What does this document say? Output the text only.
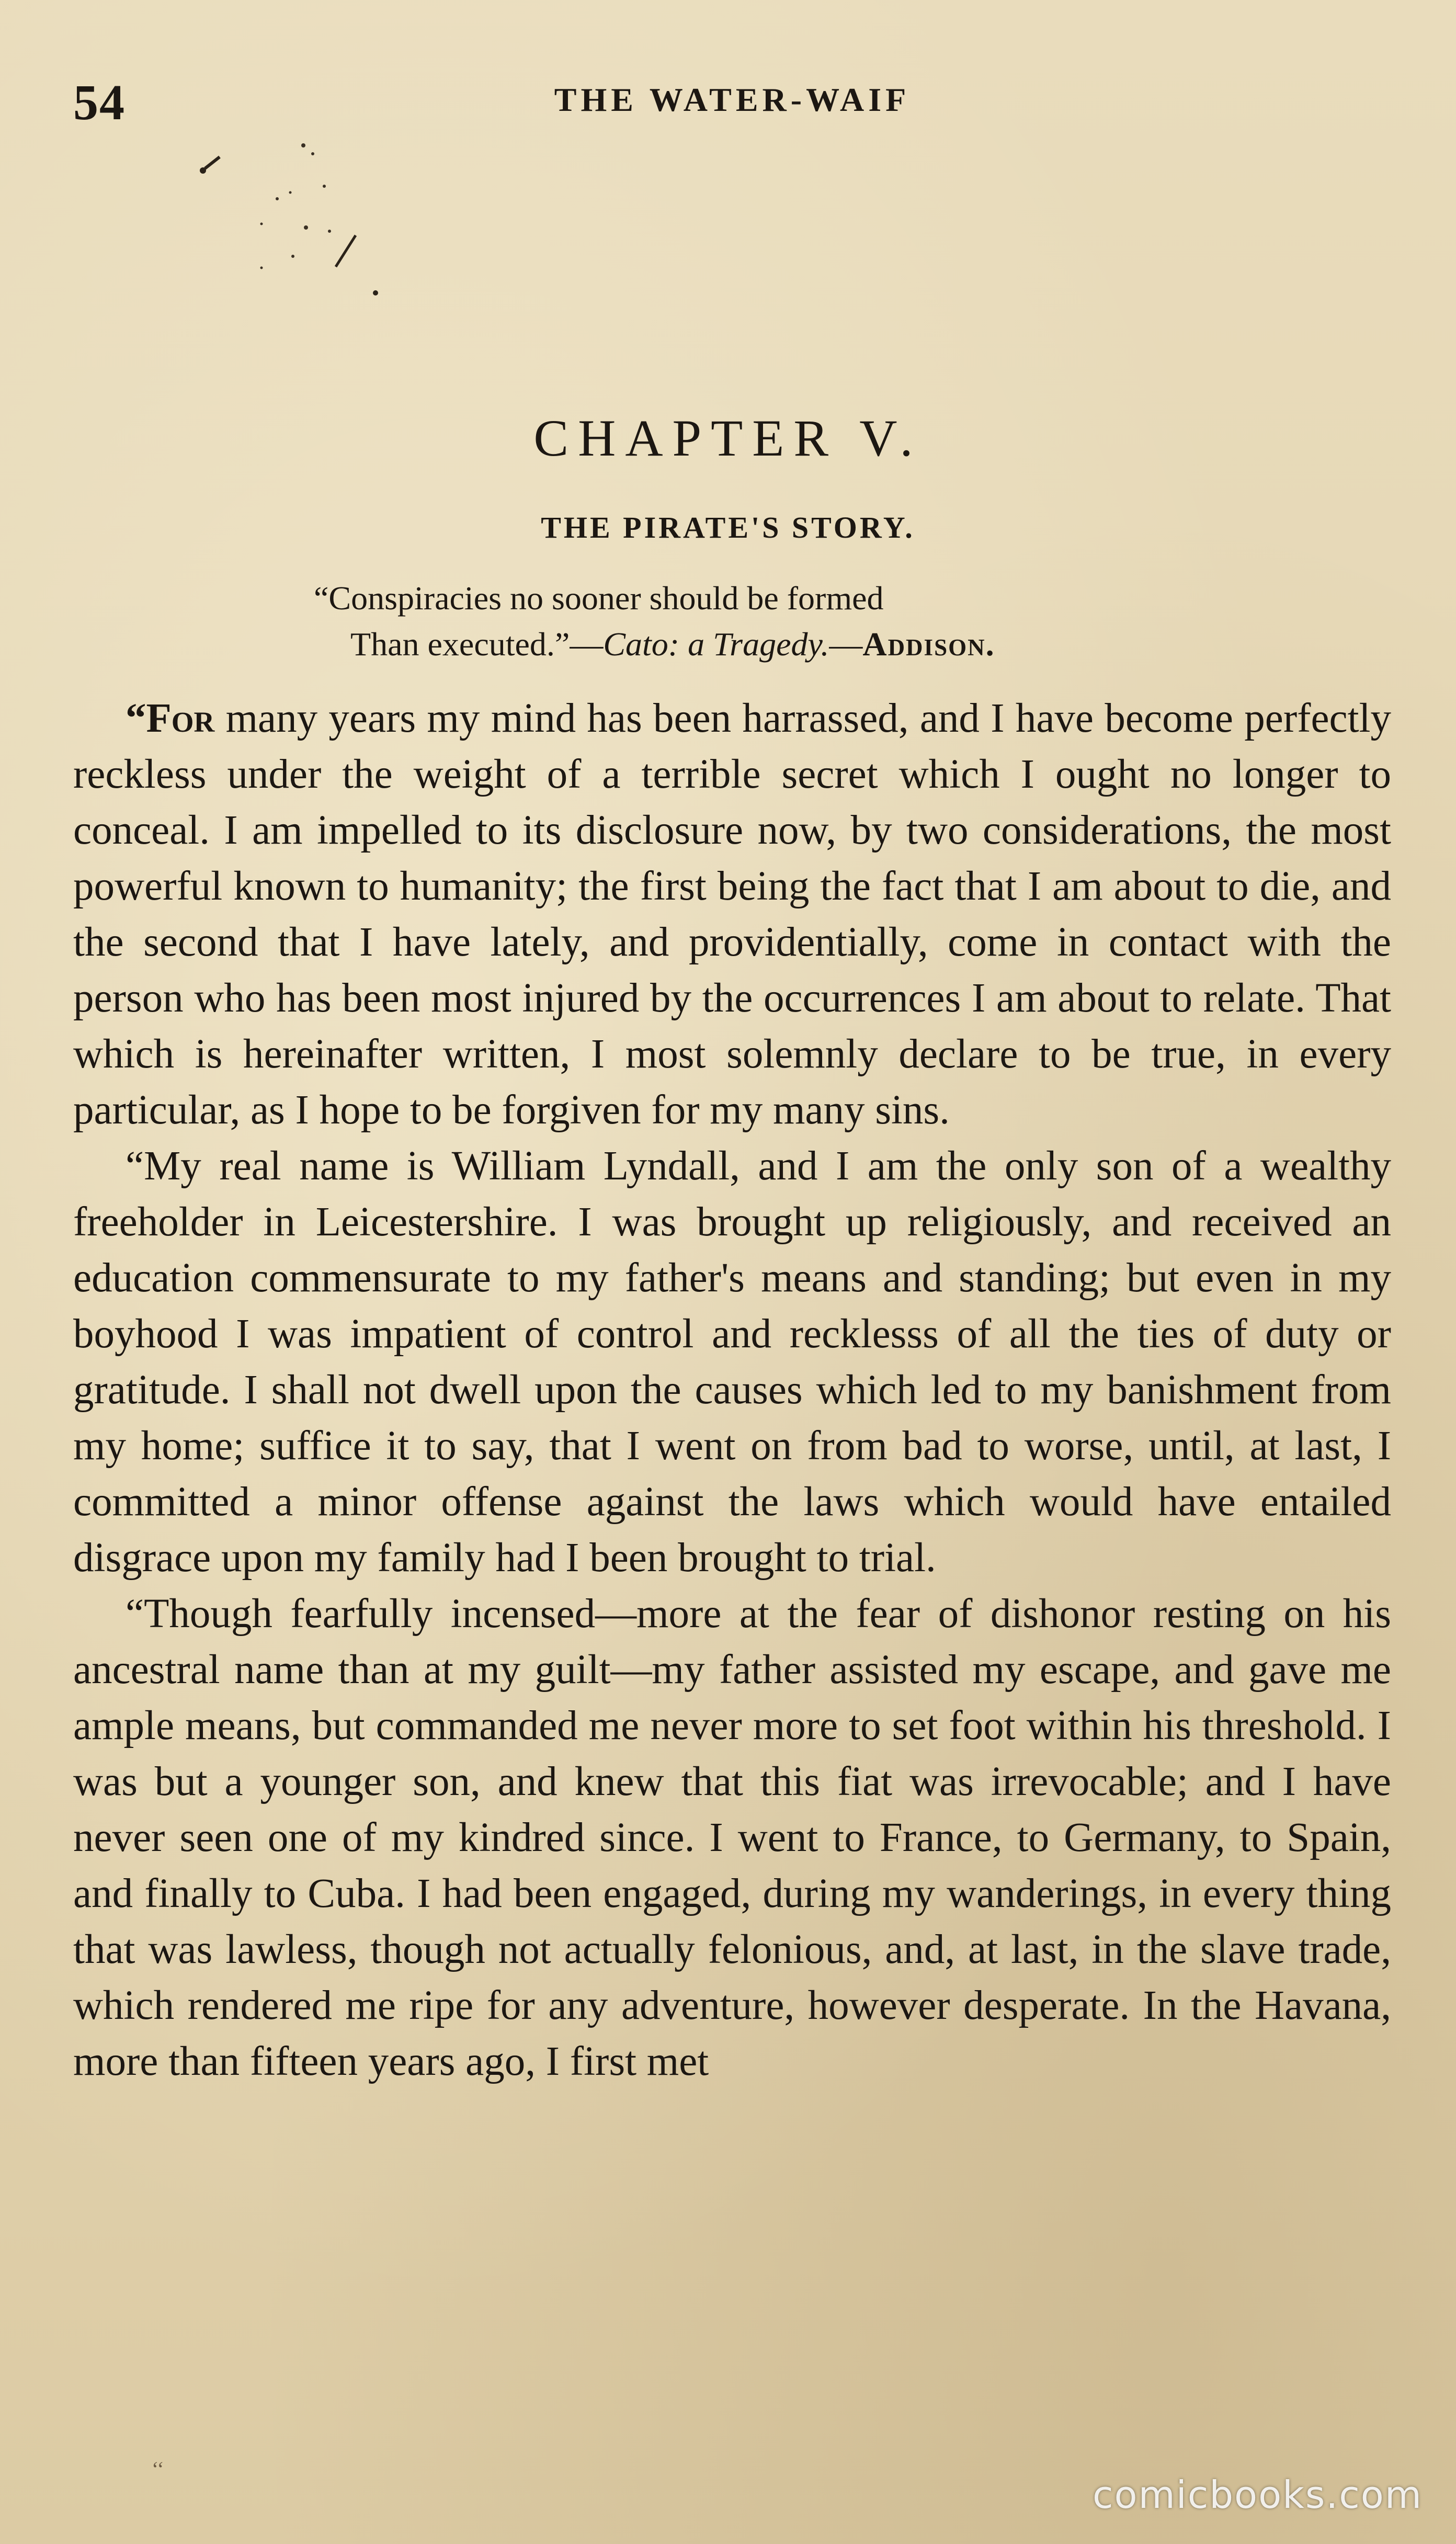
54	THE WATER-WAIF
CHAPTER V.
THE PIRATE'S STORY.
“Conspiracies no sooner should be formed
Than executed.”—Cato: a Tragedy.—Addison.

“For many years my mind has been harrassed, and I have become perfectly reckless under the weight of a terrible secret which I ought no longer to conceal. I am impelled to its disclosure now, by two considerations, the most powerful known to humanity; the first being the fact that I am about to die, and the second that I have lately, and providentially, come in contact with the person who has been most injured by the occurrences I am about to relate. That which is hereinafter written, I most solemnly declare to be true, in every particular, as I hope to be forgiven for my many sins.

“My real name is William Lyndall, and I am the only son of a wealthy freeholder in Leicestershire. I was brought up religiously, and received an education commensurate to my father's means and standing; but even in my boyhood I was impatient of control and recklesss of all the ties of duty or gratitude. I shall not dwell upon the causes which led to my banishment from my home; suffice it to say, that I went on from bad to worse, until, at last, I committed a minor offense against the laws which would have entailed disgrace upon my family had I been brought to trial.

“Though fearfully incensed—more at the fear of dishonor resting on his ancestral name than at my guilt—my father assisted my escape, and gave me ample means, but commanded me never more to set foot within his threshold. I was but a younger son, and knew that this fiat was irrevocable; and I have never seen one of my kindred since. I went to France, to Germany, to Spain, and finally to Cuba. I had been engaged, during my wanderings, in every thing that was lawless, though not actually felonious, and, at last, in the slave trade, which rendered me ripe for any adventure, however desperate. In the Havana, more than fifteen years ago, I first met

‘‘
comicbooks.com
